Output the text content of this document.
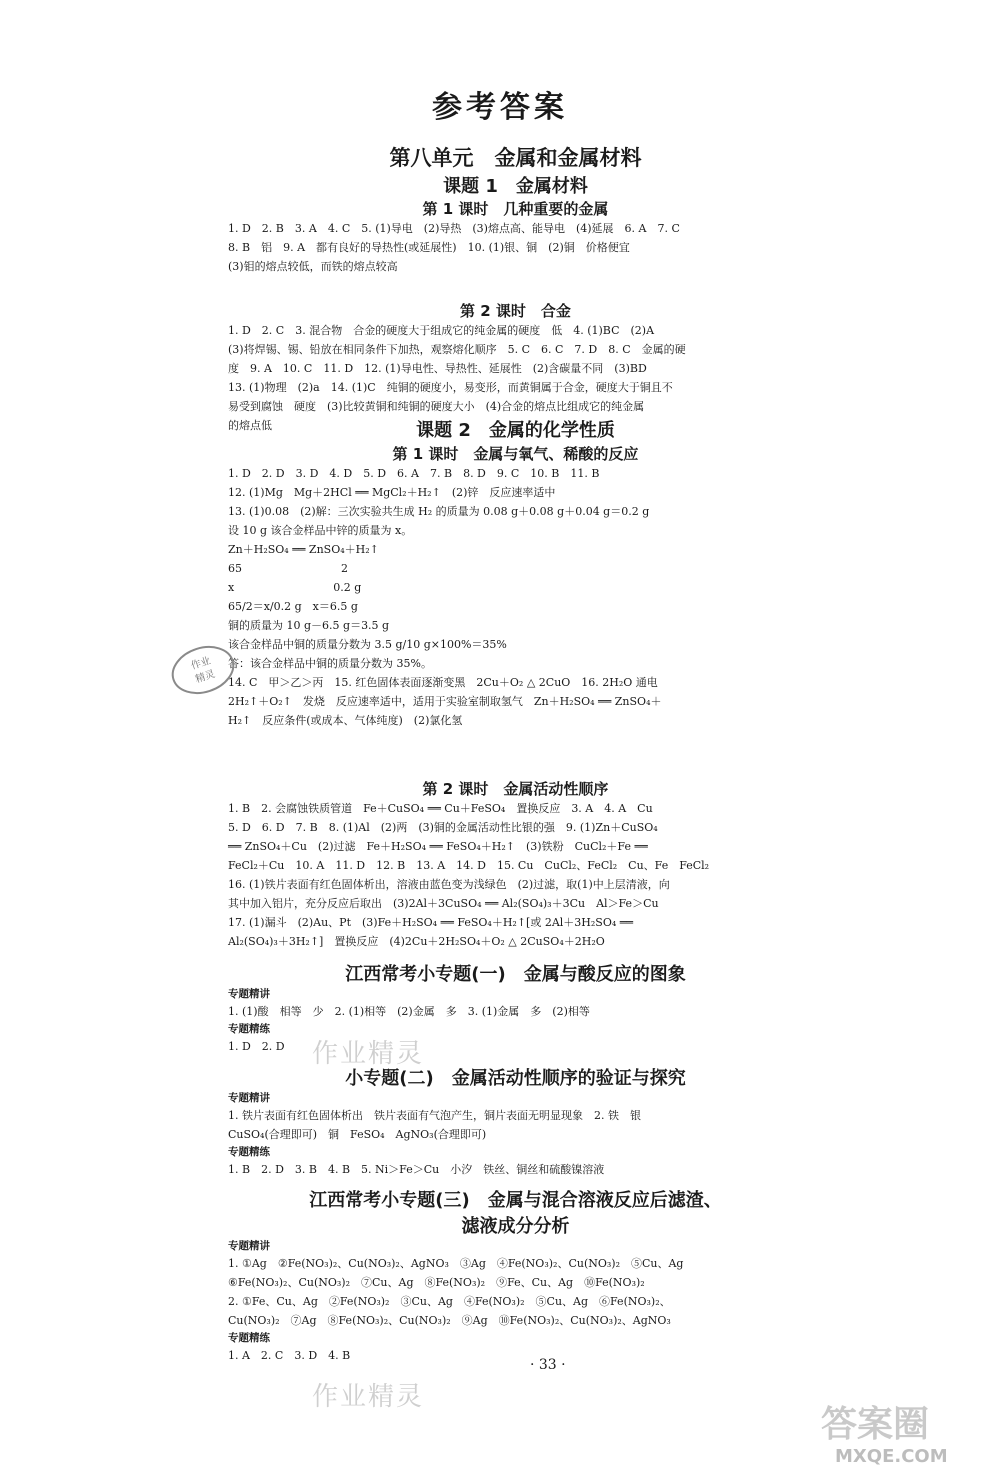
参考答案
第八单元　金属和金属材料
课题 1　金属材料
第 1 课时　几种重要的金属
1. D　2. B　3. A　4. C　5. (1)导电　(2)导热　(3)熔点高、能导电　(4)延展　6. A　7. C
8. B　铝　9. A　都有良好的导热性(或延展性)　10. (1)银、铜　(2)铜　价格便宜
(3)钼的熔点较低，而铁的熔点较高
第 2 课时　合金
1. D　2. C　3. 混合物　合金的硬度大于组成它的纯金属的硬度　低　4. (1)BC　(2)A
(3)将焊锡、锡、铅放在相同条件下加热，观察熔化顺序　5. C　6. C　7. D　8. C　金属的硬
度　9. A　10. C　11. D　12. (1)导电性、导热性、延展性　(2)含碳量不同　(3)BD
13. (1)物理　(2)a　14. (1)C　纯铜的硬度小，易变形，而黄铜属于合金，硬度大于铜且不
易受到腐蚀　硬度　(3)比较黄铜和纯铜的硬度大小　(4)合金的熔点比组成它的纯金属
的熔点低	课题 2　金属的化学性质
第 1 课时　金属与氧气、稀酸的反应
1. D　2. D　3. D　4. D　5. D　6. A　7. B　8. D　9. C　10. B　11. B
12. (1)Mg　Mg＋2HCl ══ MgCl₂＋H₂↑　(2)锌　反应速率适中
13. (1)0.08　(2)解：三次实验共生成 H₂ 的质量为 0.08 g＋0.08 g＋0.04 g＝0.2 g
设 10 g 该合金样品中锌的质量为 x。
Zn＋H₂SO₄ ══ ZnSO₄＋H₂↑
65　　　　　　　　　2
x　　　　　　　　　0.2 g
65/2＝x/0.2 g　x＝6.5 g
铜的质量为 10 g－6.5 g＝3.5 g
该合金样品中铜的质量分数为 3.5 g/10 g×100%＝35%
答：该合金样品中铜的质量分数为 35%。
14. C　甲＞乙＞丙　15. 红色固体表面逐渐变黑　2Cu＋O₂ △ 2CuO　16. 2H₂O 通电
2H₂↑＋O₂↑　发烧　反应速率适中，适用于实验室制取氢气　Zn＋H₂SO₄ ══ ZnSO₄＋
H₂↑　反应条件(或成本、气体纯度)　(2)氯化氢
第 2 课时　金属活动性顺序
1. B　2. 会腐蚀铁质管道　Fe＋CuSO₄ ══ Cu＋FeSO₄　置换反应　3. A　4. A　Cu
5. D　6. D　7. B　8. (1)Al　(2)两　(3)铜的金属活动性比银的强　9. (1)Zn＋CuSO₄
══ ZnSO₄＋Cu　(2)过滤　Fe＋H₂SO₄ ══ FeSO₄＋H₂↑　(3)铁粉　CuCl₂＋Fe ══
FeCl₂＋Cu　10. A　11. D　12. B　13. A　14. D　15. Cu　CuCl₂、FeCl₂　Cu、Fe　FeCl₂
16. (1)铁片表面有红色固体析出，溶液由蓝色变为浅绿色　(2)过滤，取(1)中上层清液，向
其中加入铝片，充分反应后取出　(3)2Al＋3CuSO₄ ══ Al₂(SO₄)₃＋3Cu　Al＞Fe＞Cu
17. (1)漏斗　(2)Au、Pt　(3)Fe＋H₂SO₄ ══ FeSO₄＋H₂↑[或 2Al＋3H₂SO₄ ══
Al₂(SO₄)₃＋3H₂↑]　置换反应　(4)2Cu＋2H₂SO₄＋O₂ △ 2CuSO₄＋2H₂O
江西常考小专题(一)　金属与酸反应的图象
专题精讲
1. (1)酸　相等　少　2. (1)相等　(2)金属　多　3. (1)金属　多　(2)相等
专题精练
1. D　2. D
小专题(二)　金属活动性顺序的验证与探究
专题精讲
1. 铁片表面有红色固体析出　铁片表面有气泡产生，铜片表面无明显现象　2. 铁　银
CuSO₄(合理即可)　铜　FeSO₄　AgNO₃(合理即可)
专题精练
1. B　2. D　3. B　4. B　5. Ni＞Fe＞Cu　小汐　铁丝、铜丝和硫酸镍溶液
江西常考小专题(三)　金属与混合溶液反应后滤渣、
滤液成分分析
专题精讲
1. ①Ag　②Fe(NO₃)₂、Cu(NO₃)₂、AgNO₃　③Ag　④Fe(NO₃)₂、Cu(NO₃)₂　⑤Cu、Ag
⑥Fe(NO₃)₂、Cu(NO₃)₂　⑦Cu、Ag　⑧Fe(NO₃)₂　⑨Fe、Cu、Ag　⑩Fe(NO₃)₂
2. ①Fe、Cu、Ag　②Fe(NO₃)₂　③Cu、Ag　④Fe(NO₃)₂　⑤Cu、Ag　⑥Fe(NO₃)₂、
Cu(NO₃)₂　⑦Ag　⑧Fe(NO₃)₂、Cu(NO₃)₂　⑨Ag　⑩Fe(NO₃)₂、Cu(NO₃)₂、AgNO₃
专题精练
1. A　2. C　3. D　4. B
· 33 ·
作业
精灵
作业精灵
作业精灵
答案圈
MXQE.COM
